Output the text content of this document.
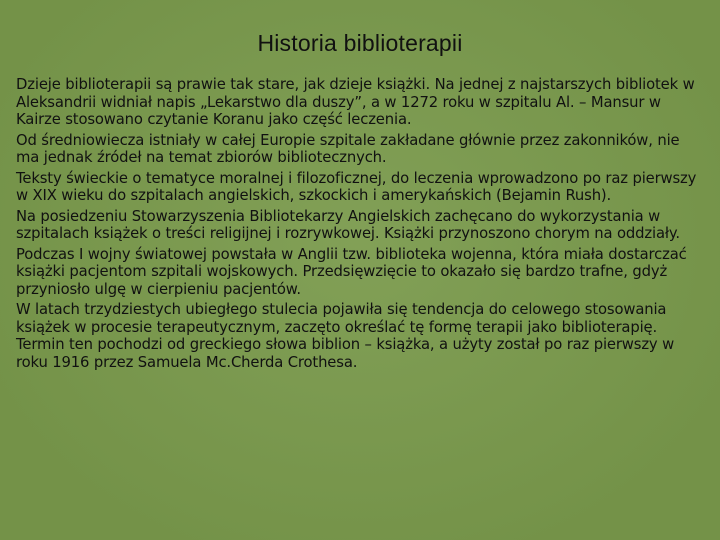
Historia biblioterapii

Dzieje biblioterapii są prawie tak stare, jak dzieje książki. Na jednej z najstarszych bibliotek w Aleksandrii widniał napis „Lekarstwo dla duszy”, a w 1272 roku w szpitalu Al. – Mansur w Kairze stosowano czytanie Koranu jako część leczenia.

Od średniowiecza istniały w całej Europie szpitale zakładane głównie przez zakonników, nie ma jednak źródeł na temat zbiorów bibliotecznych.

Teksty świeckie o tematyce moralnej i filozoficznej, do leczenia wprowadzono po raz pierwszy w XIX wieku do szpitalach angielskich, szkockich i amerykańskich (Bejamin Rush).

Na posiedzeniu Stowarzyszenia Bibliotekarzy Angielskich zachęcano do wykorzystania w szpitalach książek o treści religijnej i rozrywkowej. Książki przynoszono chorym na oddziały.

Podczas I wojny światowej powstała w Anglii tzw. biblioteka wojenna, która miała dostarczać książki pacjentom szpitali wojskowych. Przedsięwzięcie to okazało się bardzo trafne, gdyż przyniosło ulgę w cierpieniu pacjentów.

W latach trzydziestych ubiegłego stulecia pojawiła się tendencja do celowego stosowania książek w procesie terapeutycznym, zaczęto określać tę formę terapii jako biblioterapię. Termin ten pochodzi od greckiego słowa biblion – książka, a użyty został po raz pierwszy w roku 1916 przez Samuela Mc.Cherda Crothesa.
